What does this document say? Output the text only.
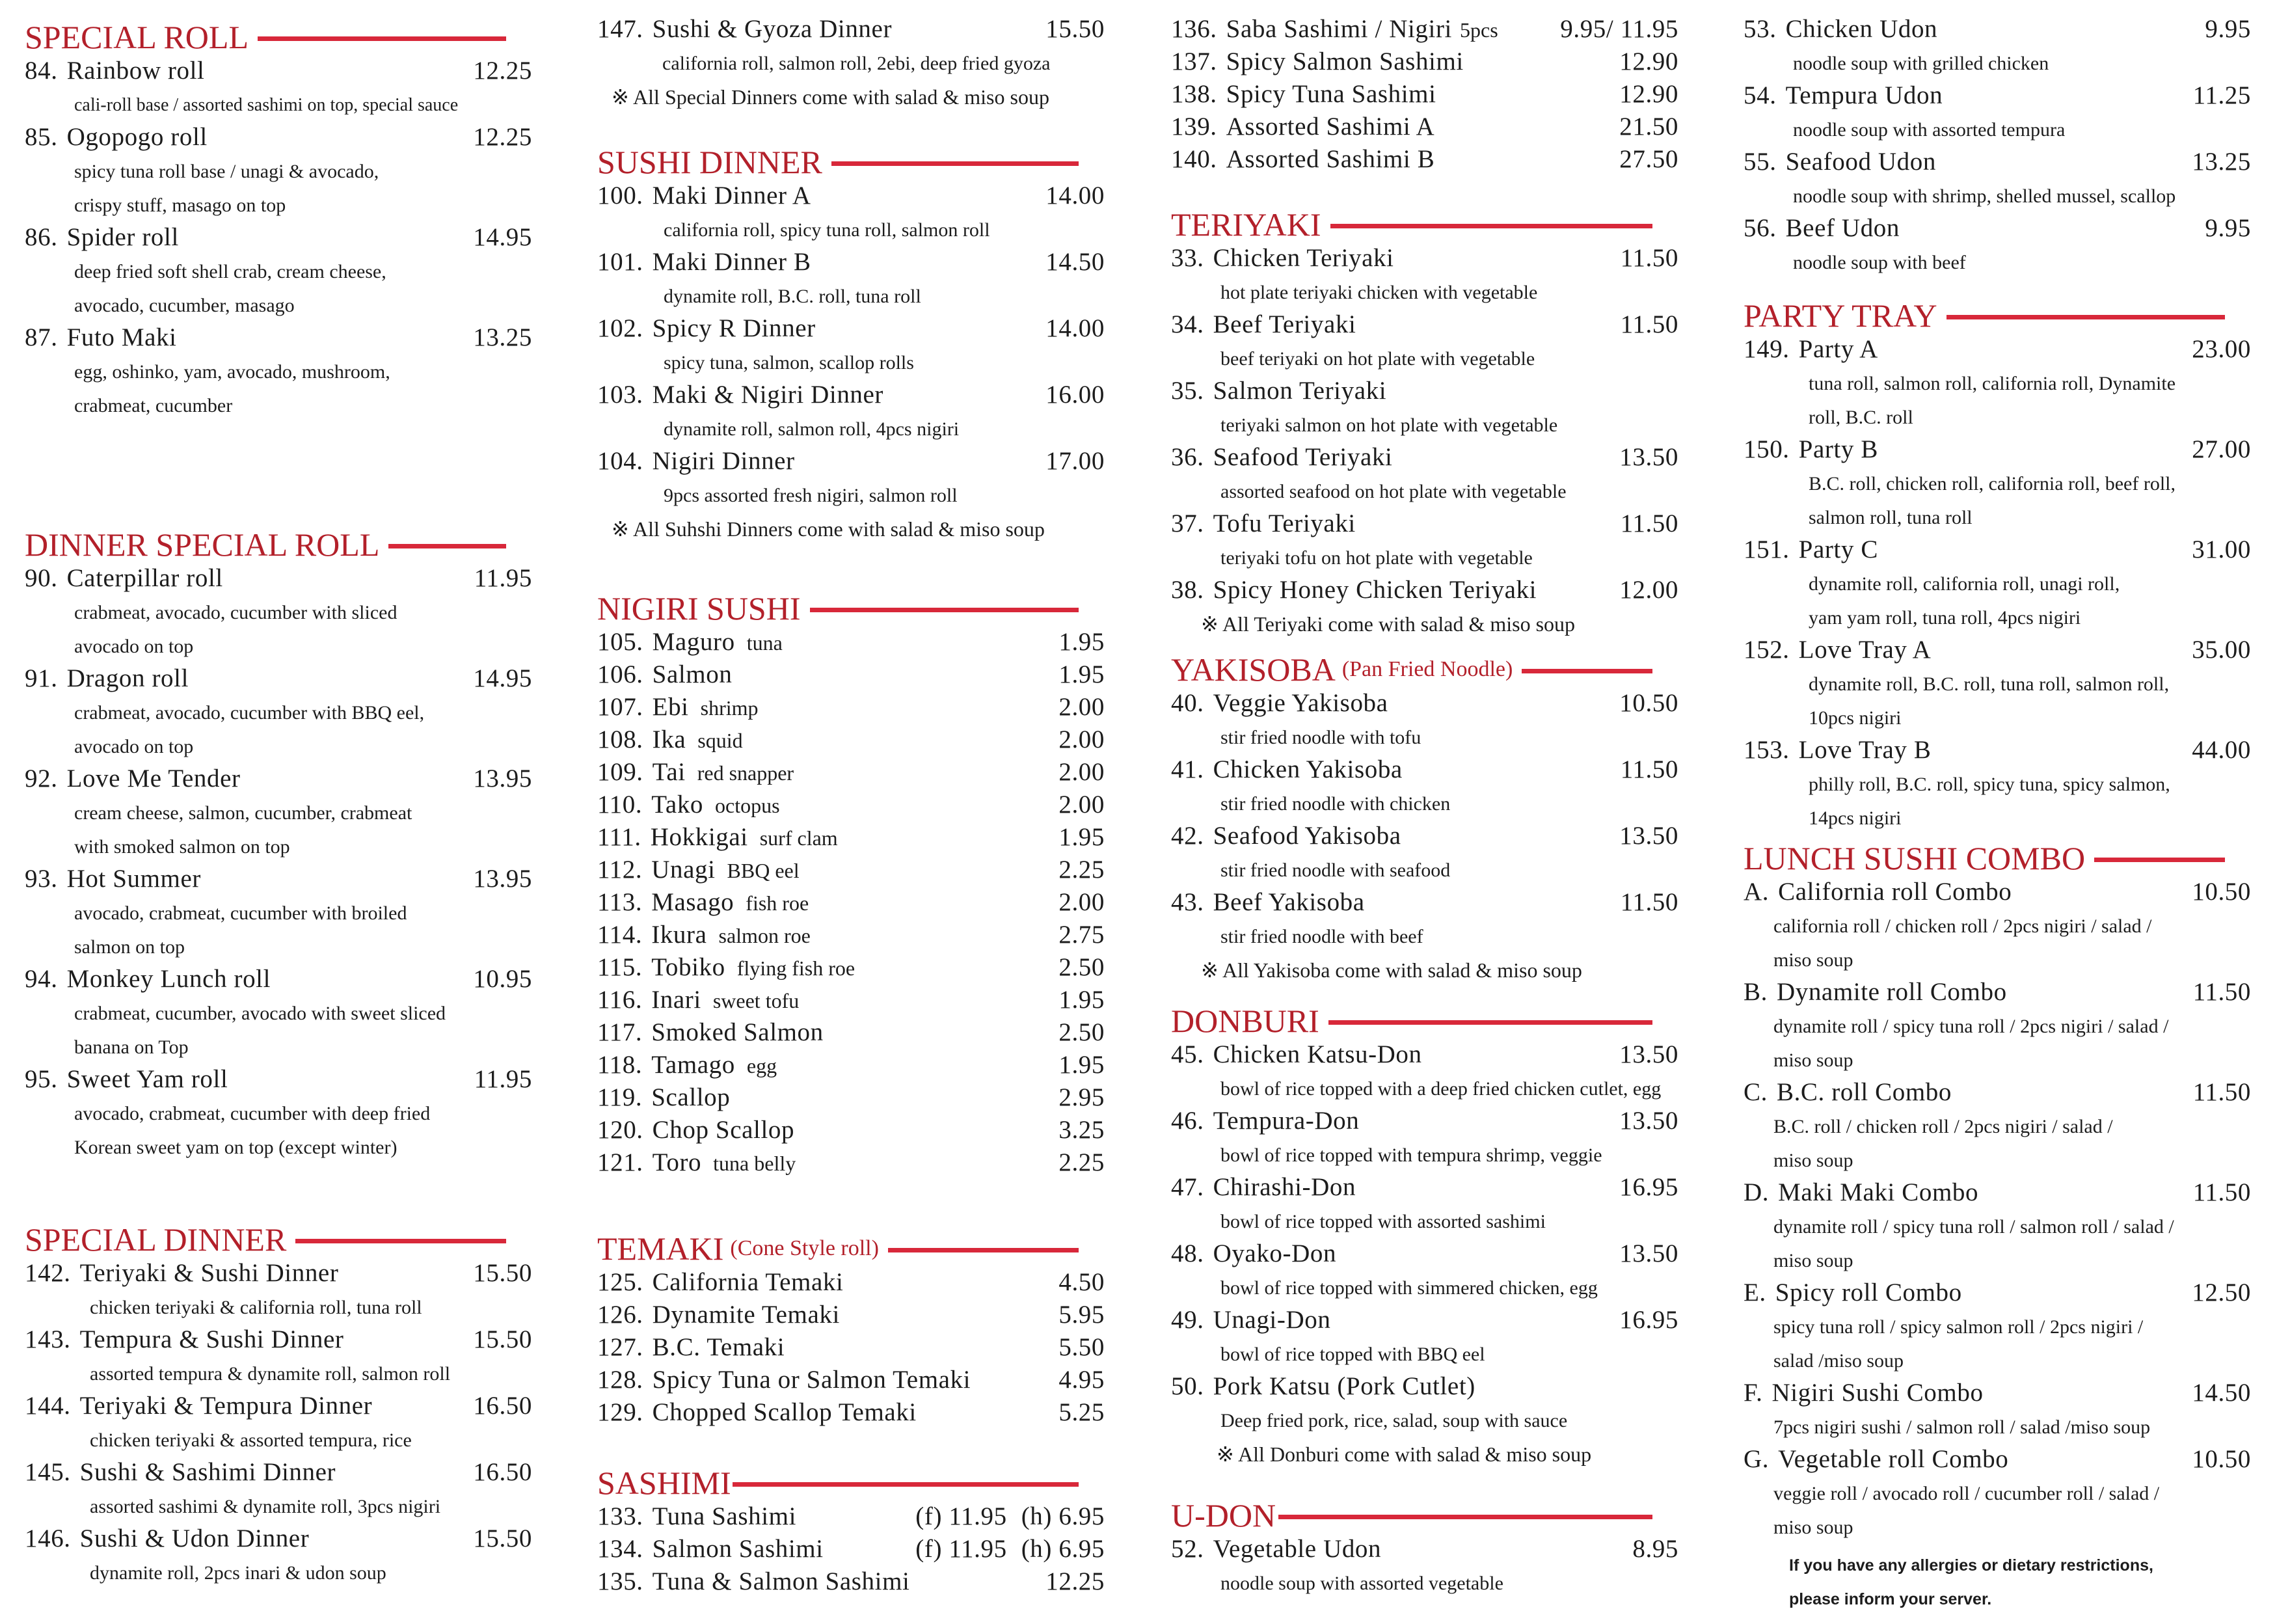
SPECIAL ROLL
84. Rainbow roll	12.25
cali-roll base / assorted sashimi on top, special sauce
85. Ogopogo roll	12.25
spicy tuna roll base / unagi & avocado,
crispy stuff, masago on top
86. Spider roll	14.95
deep fried soft shell crab, cream cheese,
avocado, cucumber, masago
87. Futo Maki	13.25
egg, oshinko, yam, avocado, mushroom,
crabmeat, cucumber
DINNER SPECIAL ROLL
90. Caterpillar roll	11.95
crabmeat, avocado, cucumber with sliced
avocado on top
91. Dragon roll	14.95
crabmeat, avocado, cucumber with BBQ eel,
avocado on top
92. Love Me Tender	13.95
cream cheese, salmon, cucumber, crabmeat
with smoked salmon on top
93. Hot Summer	13.95
avocado, crabmeat, cucumber with broiled
salmon on top
94. Monkey Lunch roll	10.95
crabmeat, cucumber, avocado with sweet sliced
banana on Top
95. Sweet Yam roll	11.95
avocado, crabmeat, cucumber with deep fried
Korean sweet yam on top (except winter)
SPECIAL DINNER
142. Teriyaki & Sushi Dinner	15.50
chicken teriyaki & california roll, tuna roll
143. Tempura & Sushi Dinner	15.50
assorted tempura & dynamite roll, salmon roll
144. Teriyaki & Tempura Dinner	16.50
chicken teriyaki & assorted tempura, rice
145. Sushi & Sashimi Dinner	16.50
assorted sashimi & dynamite roll, 3pcs nigiri
146. Sushi & Udon Dinner	15.50
dynamite roll, 2pcs inari & udon soup
147. Sushi & Gyoza Dinner	15.50
california roll, salmon roll, 2ebi, deep fried gyoza
※ All Special Dinners come with salad & miso soup
SUSHI DINNER
100. Maki Dinner A	14.00
california roll, spicy tuna roll, salmon roll
101. Maki Dinner B	14.50
dynamite roll, B.C. roll, tuna roll
102. Spicy R Dinner	14.00
spicy tuna, salmon, scallop rolls
103. Maki & Nigiri Dinner	16.00
dynamite roll, salmon roll, 4pcs nigiri
104. Nigiri Dinner	17.00
9pcs assorted fresh nigiri, salmon roll
※ All Suhshi Dinners come with salad & miso soup
NIGIRI SUSHI
105. Maguro tuna	1.95
106. Salmon	1.95
107. Ebi shrimp	2.00
108. Ika squid	2.00
109. Tai red snapper	2.00
110. Tako octopus	2.00
111. Hokkigai surf clam	1.95
112. Unagi BBQ eel	2.25
113. Masago fish roe	2.00
114. Ikura salmon roe	2.75
115. Tobiko flying fish roe	2.50
116. Inari sweet tofu	1.95
117. Smoked Salmon	2.50
118. Tamago egg	1.95
119. Scallop	2.95
120. Chop Scallop	3.25
121. Toro tuna belly	2.25
TEMAKI (Cone Style roll)
125. California Temaki	4.50
126. Dynamite Temaki	5.95
127. B.C. Temaki	5.50
128. Spicy Tuna or Salmon Temaki	4.95
129. Chopped Scallop Temaki	5.25
SASHIMI
133. Tuna Sashimi	(f) 11.95 (h) 6.95
134. Salmon Sashimi	(f) 11.95 (h) 6.95
135. Tuna & Salmon Sashimi	12.25
136. Saba Sashimi / Nigiri 5pcs	9.95/ 11.95
137. Spicy Salmon Sashimi	12.90
138. Spicy Tuna Sashimi	12.90
139. Assorted Sashimi A	21.50
140. Assorted Sashimi B	27.50
TERIYAKI
33. Chicken Teriyaki	11.50
hot plate teriyaki chicken with vegetable
34. Beef Teriyaki	11.50
beef teriyaki on hot plate with vegetable
35. Salmon Teriyaki
teriyaki salmon on hot plate with vegetable
36. Seafood Teriyaki	13.50
assorted seafood on hot plate with vegetable
37. Tofu Teriyaki	11.50
teriyaki tofu on hot plate with vegetable
38. Spicy Honey Chicken Teriyaki	12.00
※ All Teriyaki come with salad & miso soup
YAKISOBA (Pan Fried Noodle)
40. Veggie Yakisoba	10.50
stir fried noodle with tofu
41. Chicken Yakisoba	11.50
stir fried noodle with chicken
42. Seafood Yakisoba	13.50
stir fried noodle with seafood
43. Beef Yakisoba	11.50
stir fried noodle with beef
※ All Yakisoba come with salad & miso soup
DONBURI
45. Chicken Katsu-Don	13.50
bowl of rice topped with a deep fried chicken cutlet, egg
46. Tempura-Don	13.50
bowl of rice topped with tempura shrimp, veggie
47. Chirashi-Don	16.95
bowl of rice topped with assorted sashimi
48. Oyako-Don	13.50
bowl of rice topped with simmered chicken, egg
49. Unagi-Don	16.95
bowl of rice topped with BBQ eel
50. Pork Katsu (Pork Cutlet)
Deep fried pork, rice, salad, soup with sauce
※ All Donburi come with salad & miso soup
U-DON
52. Vegetable Udon	8.95
noodle soup with assorted vegetable
53. Chicken Udon	9.95
noodle soup with grilled chicken
54. Tempura Udon	11.25
noodle soup with assorted tempura
55. Seafood Udon	13.25
noodle soup with shrimp, shelled mussel, scallop
56. Beef Udon	9.95
noodle soup with beef
PARTY TRAY
149. Party A	23.00
tuna roll, salmon roll, california roll, Dynamite
roll, B.C. roll
150. Party B	27.00
B.C. roll, chicken roll, california roll, beef roll,
salmon roll, tuna roll
151. Party C	31.00
dynamite roll, california roll, unagi roll,
yam yam roll, tuna roll, 4pcs nigiri
152. Love Tray A	35.00
dynamite roll, B.C. roll, tuna roll, salmon roll,
10pcs nigiri
153. Love Tray B	44.00
philly roll, B.C. roll, spicy tuna, spicy salmon,
14pcs nigiri
LUNCH SUSHI COMBO
A. California roll Combo	10.50
california roll / chicken roll / 2pcs nigiri / salad /
miso soup
B. Dynamite roll Combo	11.50
dynamite roll / spicy tuna roll / 2pcs nigiri / salad /
miso soup
C. B.C. roll Combo	11.50
B.C. roll / chicken roll / 2pcs nigiri / salad /
miso soup
D. Maki Maki Combo	11.50
dynamite roll / spicy tuna roll / salmon roll / salad /
miso soup
E. Spicy roll Combo	12.50
spicy tuna roll / spicy salmon roll / 2pcs nigiri /
salad /miso soup
F. Nigiri Sushi Combo	14.50
7pcs nigiri sushi / salmon roll / salad /miso soup
G. Vegetable roll Combo	10.50
veggie roll / avocado roll / cucumber roll / salad /
miso soup
If you have any allergies or dietary restrictions,
please inform your server.
